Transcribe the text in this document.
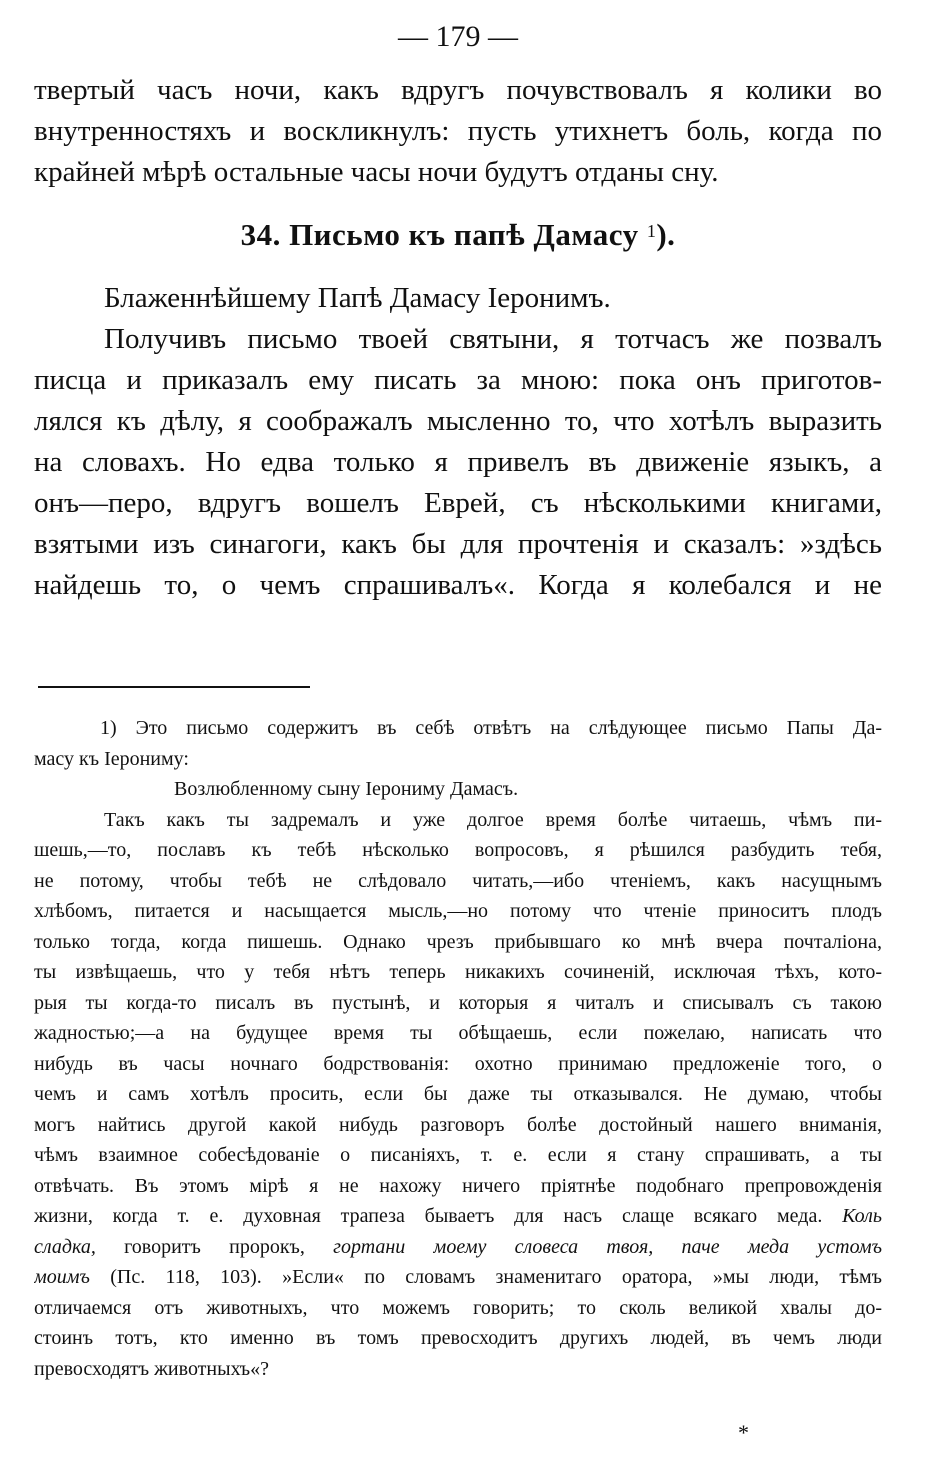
— 179 —
твертый часъ ночи, какъ вдругъ почувствовалъ я колики во
внутренностяхъ и воскликнулъ: пусть утихнетъ боль, когда по
крайней мѣрѣ остальные часы ночи будутъ отданы сну.
34. Письмо къ папѣ Дамасу $^1$).
Блаженнѣйшему Папѣ Дамасу Іеронимъ.
Получивъ письмо твоей святыни, я тотчасъ же позвалъ
писца и приказалъ ему писать за мною: пока онъ приготов-
лялся къ дѣлу, я соображалъ мысленно то, что хотѣлъ выразить
на словахъ. Но едва только я привелъ въ движеніе языкъ, а
онъ—перо, вдругъ вошелъ Еврей, съ нѣсколькими книгами,
взятыми изъ синагоги, какъ бы для прочтенія и сказалъ: »здѣсь
найдешь то, о чемъ спрашивалъ«. Когда я колебался и не
1) Это письмо содержитъ въ себѣ отвѣтъ на слѣдующее письмо Папы Да-
масу къ Іерониму:
Возлюбленному сыну Іерониму Дамасъ.
Такъ какъ ты задремалъ и уже долгое время болѣе читаешь, чѣмъ пи-
шешь,—то, пославъ къ тебѣ нѣсколько вопросовъ, я рѣшился разбудить тебя,
не потому, чтобы тебѣ не слѣдовало читать,—ибо чтеніемъ, какъ насущнымъ
хлѣбомъ, питается и насыщается мысль,—но потому что чтеніе приноситъ плодъ
только тогда, когда пишешь. Однако чрезъ прибывшаго ко мнѣ вчера почталіона,
ты извѣщаешь, что у тебя нѣтъ теперь никакихъ сочиненій, исключая тѣхъ, кото-
рыя ты когда-то писалъ въ пустынѣ, и которыя я читалъ и списывалъ съ такою
жадностью;—а на будущее время ты обѣщаешь, если пожелаю, написать что
нибудь въ часы ночнаго бодрствованія: охотно принимаю предложеніе того, о
чемъ и самъ хотѣлъ просить, если бы даже ты отказывался. Не думаю, чтобы
могъ найтись другой какой нибудь разговоръ болѣе достойный нашего вниманія,
чѣмъ взаимное собесѣдованіе о писаніяхъ, т. е. если я стану спрашивать, а ты
отвѣчать. Въ этомъ мірѣ я не нахожу ничего пріятнѣе подобнаго препровожденія
жизни, когда т. е. духовная трапеза бываетъ для насъ слаще всякаго меда. Коль
сладка, говоритъ пророкъ, гортани моему словеса твоя, паче меда устомъ
моимъ (Пс. 118, 103). »Если« по словамъ знаменитаго оратора, »мы люди, тѣмъ
отличаемся отъ животныхъ, что можемъ говорить; то сколь великой хвалы до-
стоинъ тотъ, кто именно въ томъ превосходитъ другихъ людей, въ чемъ люди
превосходятъ животныхъ«?
*
